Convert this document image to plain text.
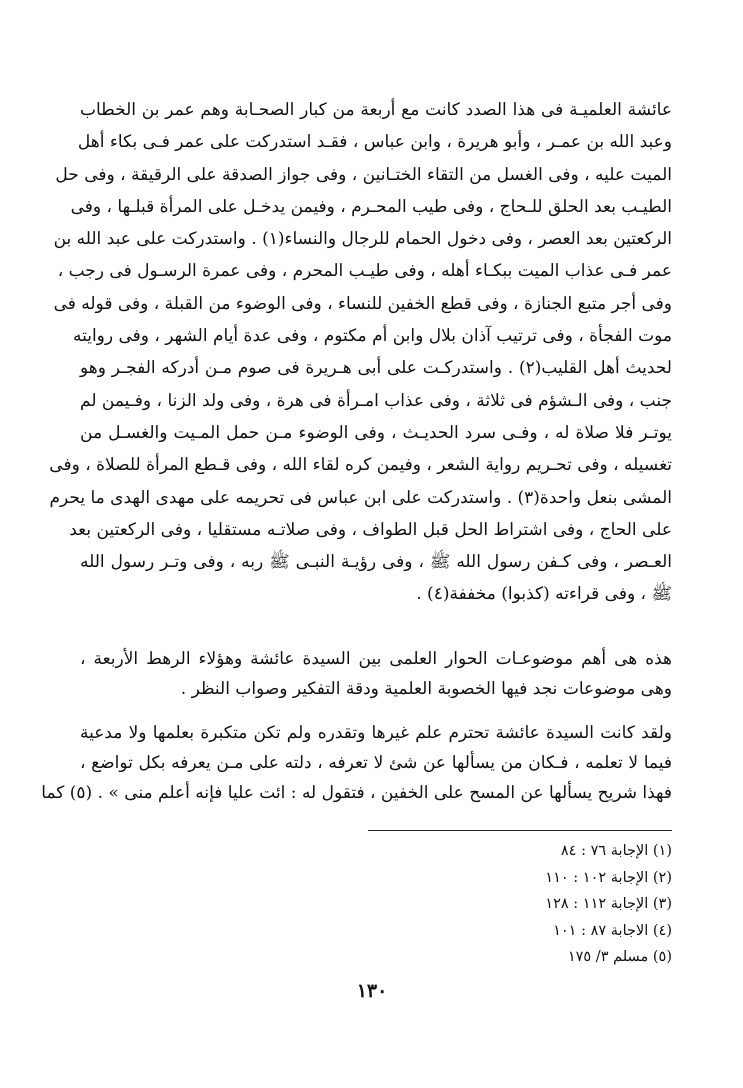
عائشة العلميـة فى هذا الصدد كانت مع أربعة من كبار الصحـابة وهم عمر بن الخطاب
وعبد الله بن عمـر ، وأبو هريرة ، وابن عباس ، فقـد استدركت على عمر فـى بكاء أهل
الميت عليه ، وفى الغسل من التقاء الختـانين ، وفى جواز الصدقة على الرقيقة ، وفى حل
الطيـب بعد الحلق للـحاج ، وفى طيب المحـرم ، وفيمن يدخـل على المرأة قبلـها ، وفى
الركعتين بعد العصر ، وفى دخول الحمام للرجال والنساء(١) . واستدركت على عبد الله بن
عمر فـى عذاب الميت ببكـاء أهله ، وفى طيـب المحرم ، وفى عمرة الرسـول فى رجب ،
وفى أجر متبع الجنازة ، وفى قطع الخفين للنساء ، وفى الوضوء من القبلة ، وفى قوله فى
موت الفجأة ، وفى ترتيب آذان بلال وابن أم مكتوم ، وفى عدة أيام الشهر ، وفى روايته
لحديث أهل القليب(٢) . واستدركـت على أبى هـريرة فى صوم مـن أدركه الفجـر وهو
جنب ، وفى الـشؤم فى ثلاثة ، وفى عذاب امـرأة فى هرة ، وفى ولد الزنا ، وفـيمن لم
يوتـر فلا صلاة له ، وفـى سرد الحديـث ، وفى الوضوء مـن حمل المـيت والغسـل من
تغسيله ، وفى تحـريم رواية الشعر ، وفيمن كره لقاء الله ، وفى قـطع المرأة للصلاة ، وفى
المشى بنعل واحدة(٣) . واستدركت على ابن عباس فى تحريمه على مهدى الهدى ما يحرم
على الحاج ، وفى اشتراط الحل قبل الطواف ، وفى صلاتـه مستقليا ، وفى الركعتين بعد
العـصر ، وفى كـفن رسول الله ﷺ ، وفى رؤيـة النبـى ﷺ ربه ، وفى وتـر رسول الله
ﷺ ، وفى قراءته (كذبوا) مخففة(٤) .
هذه هى أهم موضوعـات الحوار العلمى بين السيدة عائشة وهؤلاء الرهط الأربعة ،
وهى موضوعات نجد فيها الخصوبة العلمية ودقة التفكير وصواب النظر .
ولقد كانت السيدة عائشة تحترم علم غيرها وتقدره ولم تكن متكبرة بعلمها ولا مدعية
فيما لا تعلمه ، فـكان من يسألها عن شئ لا تعرفه ، دلته على مـن يعرفه بكل تواضع ،
فهذا شريح يسألها عن المسح على الخفين ، فتقول له : ائت عليا فإنه أعلم منى » . (٥) كما
(١) الإجابة ٧٦ : ٨٤
(٢) الإجابة ١٠٢ : ١١٠
(٣) الإجابة ١١٢ : ١٢٨
(٤) الاجابة ٨٧ : ١٠١
(٥) مسلم ٣/ ١٧٥
١٣٠
